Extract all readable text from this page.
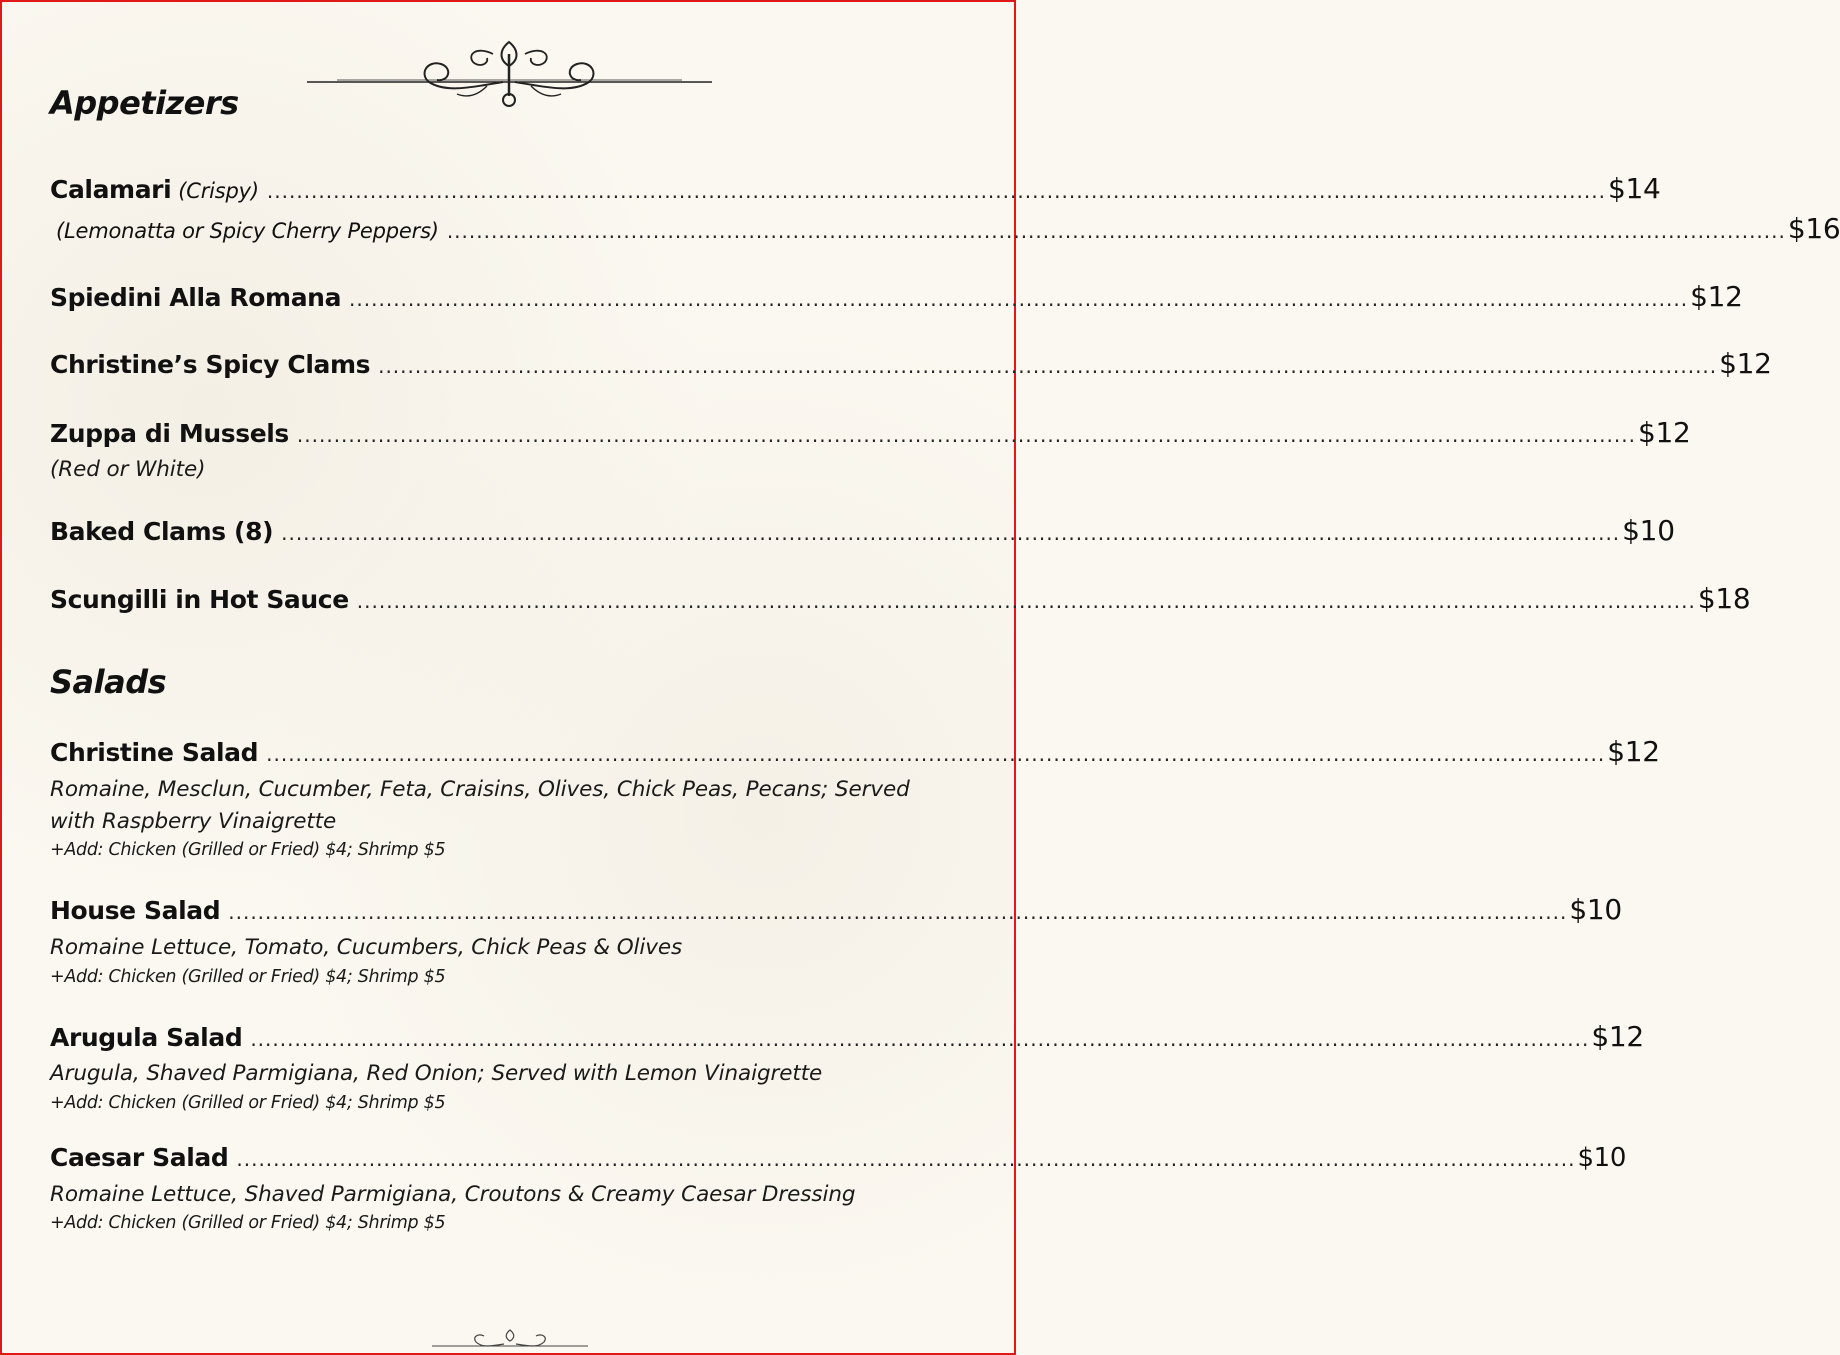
Appetizers
Calamari (Crispy) ...................................................................................................................................................................................... $14
(Lemonatta or Spicy Cherry Peppers) ...................................................................................................................................................................................... $16
Spiedini Alla Romana ...................................................................................................................................................................................... $12
Christine’s Spicy Clams ...................................................................................................................................................................................... $12
Zuppa di Mussels ...................................................................................................................................................................................... $12
(Red or White)
Baked Clams (8) ...................................................................................................................................................................................... $10
Scungilli in Hot Sauce ...................................................................................................................................................................................... $18
Salads
Christine Salad ...................................................................................................................................................................................... $12
Romaine, Mesclun, Cucumber, Feta, Craisins, Olives, Chick Peas, Pecans; Served
with Raspberry Vinaigrette
+Add: Chicken (Grilled or Fried) $4; Shrimp $5
House Salad ...................................................................................................................................................................................... $10
Romaine Lettuce, Tomato, Cucumbers, Chick Peas & Olives
+Add: Chicken (Grilled or Fried) $4; Shrimp $5
Arugula Salad ...................................................................................................................................................................................... $12
Arugula, Shaved Parmigiana, Red Onion; Served with Lemon Vinaigrette
+Add: Chicken (Grilled or Fried) $4; Shrimp $5
Caesar Salad ...................................................................................................................................................................................... $10
Romaine Lettuce, Shaved Parmigiana, Croutons & Creamy Caesar Dressing
+Add: Chicken (Grilled or Fried) $4; Shrimp $5
